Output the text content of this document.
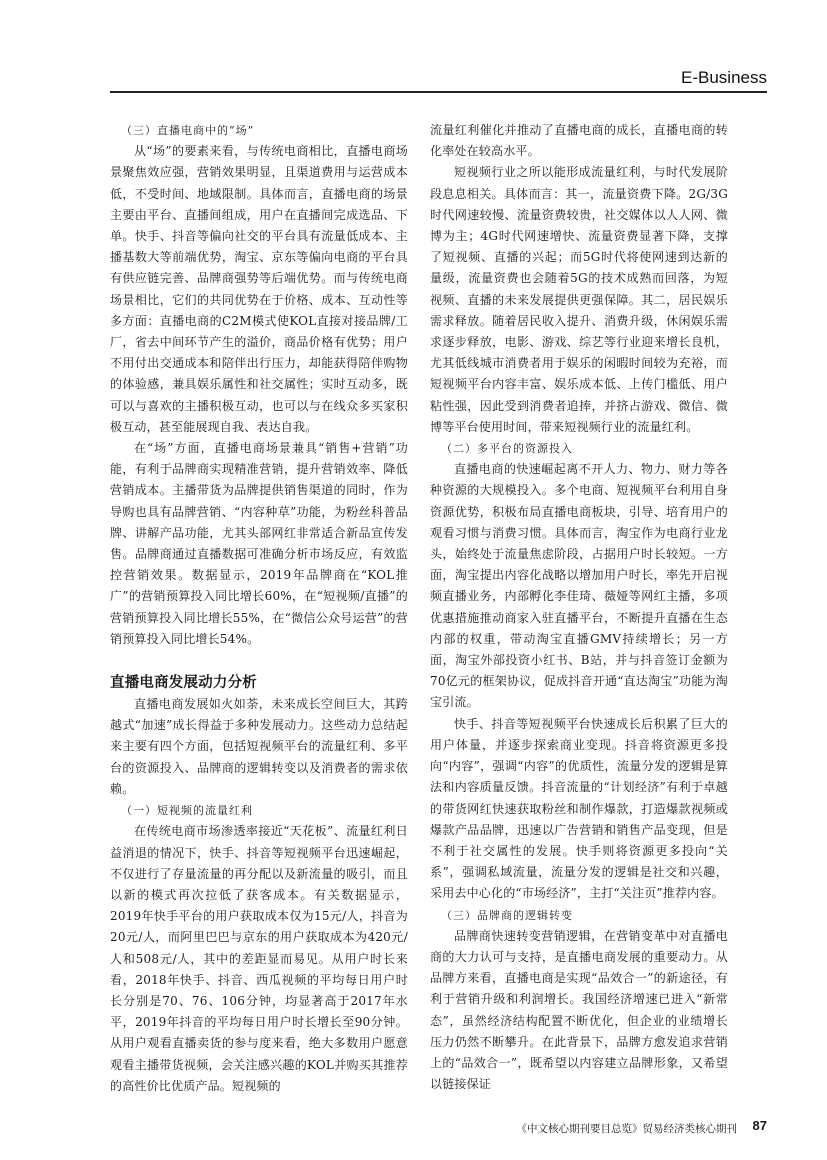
E-Business
（三）直播电商中的“场”
从“场”的要素来看，与传统电商相比，直播电商场景聚焦效应强，营销效果明显，且渠道费用与运营成本低，不受时间、地域限制。具体而言，直播电商的场景主要由平台、直播间组成，用户在直播间完成选品、下单。快手、抖音等偏向社交的平台具有流量低成本、主播基数大等前端优势，淘宝、京东等偏向电商的平台具有供应链完善、品牌商强势等后端优势。而与传统电商场景相比，它们的共同优势在于价格、成本、互动性等多方面：直播电商的C2M模式使KOL直接对接品牌/工厂，省去中间环节产生的溢价，商品价格有优势；用户不用付出交通成本和陪伴出行压力，却能获得陪伴购物的体验感，兼具娱乐属性和社交属性；实时互动多，既可以与喜欢的主播积极互动，也可以与在线众多买家积极互动，甚至能展现自我、表达自我。
在“场”方面，直播电商场景兼具“销售+营销”功能，有利于品牌商实现精准营销，提升营销效率、降低营销成本。主播带货为品牌提供销售渠道的同时，作为导购也具有品牌营销、“内容种草”功能，为粉丝科普品牌、讲解产品功能，尤其头部网红非常适合新品宣传发售。品牌商通过直播数据可准确分析市场反应，有效监控营销效果。数据显示，2019年品牌商在“KOL推广”的营销预算投入同比增长60%，在“短视频/直播”的营销预算投入同比增长55%，在“微信公众号运营”的营销预算投入同比增长54%。
直播电商发展动力分析
直播电商发展如火如荼，未来成长空间巨大，其跨越式“加速”成长得益于多种发展动力。这些动力总结起来主要有四个方面，包括短视频平台的流量红利、多平台的资源投入、品牌商的逻辑转变以及消费者的需求依赖。
（一）短视频的流量红利
在传统电商市场渗透率接近“天花板”、流量红利日益消退的情况下，快手、抖音等短视频平台迅速崛起，不仅进行了存量流量的再分配以及新流量的吸引，而且以新的模式再次拉低了获客成本。有关数据显示，2019年快手平台的用户获取成本仅为15元/人，抖音为20元/人，而阿里巴巴与京东的用户获取成本为420元/人和508元/人，其中的差距显而易见。从用户时长来看，2018年快手、抖音、西瓜视频的平均每日用户时长分别是70、76、106分钟，均显著高于2017年水平，2019年抖音的平均每日用户时长增长至90分钟。从用户观看直播卖货的参与度来看，绝大多数用户愿意观看主播带货视频，会关注感兴趣的KOL并购买其推荐的高性价比优质产品。短视频的
流量红利催化并推动了直播电商的成长，直播电商的转化率处在较高水平。
短视频行业之所以能形成流量红利，与时代发展阶段息息相关。具体而言：其一，流量资费下降。2G/3G时代网速较慢、流量资费较贵，社交媒体以人人网、微博为主；4G时代网速增快、流量资费显著下降，支撑了短视频、直播的兴起；而5G时代将使网速到达新的量级，流量资费也会随着5G的技术成熟而回落，为短视频、直播的未来发展提供更强保障。其二，居民娱乐需求释放。随着居民收入提升、消费升级，休闲娱乐需求逐步释放，电影、游戏、综艺等行业迎来增长良机，尤其低线城市消费者用于娱乐的闲暇时间较为充裕，而短视频平台内容丰富、娱乐成本低、上传门槛低、用户粘性强，因此受到消费者追捧，并挤占游戏、微信、微博等平台使用时间，带来短视频行业的流量红利。
（二）多平台的资源投入
直播电商的快速崛起离不开人力、物力、财力等各种资源的大规模投入。多个电商、短视频平台利用自身资源优势，积极布局直播电商板块，引导、培育用户的观看习惯与消费习惯。具体而言，淘宝作为电商行业龙头，始终处于流量焦虑阶段，占据用户时长较短。一方面，淘宝提出内容化战略以增加用户时长，率先开启视频直播业务，内部孵化李佳琦、薇娅等网红主播，多项优惠措施推动商家入驻直播平台，不断提升直播在生态内部的权重，带动淘宝直播GMV持续增长；另一方面，淘宝外部投资小红书、B站，并与抖音签订金额为70亿元的框架协议，促成抖音开通“直达淘宝”功能为淘宝引流。
快手、抖音等短视频平台快速成长后积累了巨大的用户体量，并逐步探索商业变现。抖音将资源更多投向“内容”，强调“内容”的优质性，流量分发的逻辑是算法和内容质量反馈。抖音流量的“计划经济”有利于卓越的带货网红快速获取粉丝和制作爆款，打造爆款视频或爆款产品品牌，迅速以广告营销和销售产品变现，但是不利于社交属性的发展。快手则将资源更多投向“关系”，强调私域流量，流量分发的逻辑是社交和兴趣，采用去中心化的“市场经济”，主打“关注页”推荐内容。
（三）品牌商的逻辑转变
品牌商快速转变营销逻辑，在营销变革中对直播电商的大力认可与支持，是直播电商发展的重要动力。从品牌方来看，直播电商是实现“品效合一”的新途径，有利于营销升级和利润增长。我国经济增速已进入“新常态”，虽然经济结构配置不断优化，但企业的业绩增长压力仍然不断攀升。在此背景下，品牌方愈发追求营销上的“品效合一”，既希望以内容建立品牌形象，又希望以链接保证
《中文核心期刊要目总览》贸易经济类核心期刊 87
